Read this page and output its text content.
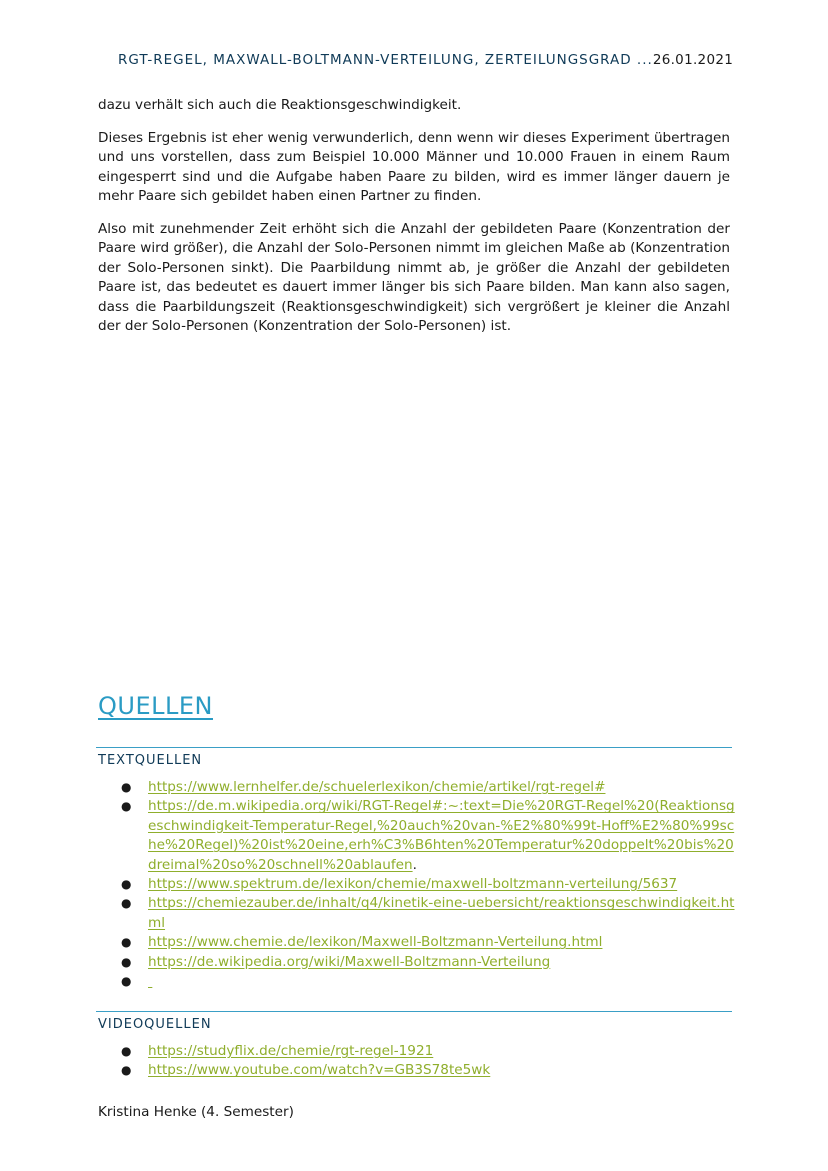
RGT-REGEL, MAXWALL-BOLTMANN-VERTEILUNG, ZERTEILUNGSGRAD ... 26.01.2021

dazu verhält sich auch die Reaktionsgeschwindigkeit.

Dieses Ergebnis ist eher wenig verwunderlich, denn wenn wir dieses Experiment übertragen und uns vorstellen, dass zum Beispiel 10.000 Männer und 10.000 Frauen in einem Raum eingesperrt sind und die Aufgabe haben Paare zu bilden, wird es immer länger dauern je mehr Paare sich gebildet haben einen Partner zu finden.

Also mit zunehmender Zeit erhöht sich die Anzahl der gebildeten Paare (Konzentration der Paare wird größer), die Anzahl der Solo-Personen nimmt im gleichen Maße ab (Konzentration der Solo-Personen sinkt). Die Paarbildung nimmt ab, je größer die Anzahl der gebildeten Paare ist, das bedeutet es dauert immer länger bis sich Paare bilden. Man kann also sagen, dass die Paarbildungszeit (Reaktionsgeschwindigkeit) sich vergrößert je kleiner die Anzahl der der Solo-Personen (Konzentration der Solo-Personen) ist.

QUELLEN
TEXTQUELLEN
● https://www.lernhelfer.de/schuelerlexikon/chemie/artikel/rgt-regel#
● https://de.m.wikipedia.org/wiki/RGT-Regel#:~:text=Die%20RGT-Regel%20(Reaktionsgeschwindigkeit-Temperatur-Regel,%20auch%20van-%E2%80%99t-Hoff%E2%80%99sche%20Regel)%20ist%20eine,erh%C3%B6hten%20Temperatur%20doppelt%20bis%20dreimal%20so%20schnell%20ablaufen.
● https://www.spektrum.de/lexikon/chemie/maxwell-boltzmann-verteilung/5637
● https://chemiezauber.de/inhalt/q4/kinetik-eine-uebersicht/reaktionsgeschwindigkeit.html
● https://www.chemie.de/lexikon/Maxwell-Boltzmann-Verteilung.html
● https://de.wikipedia.org/wiki/Maxwell-Boltzmann-Verteilung
●

VIDEOQUELLEN
● https://studyflix.de/chemie/rgt-regel-1921
● https://www.youtube.com/watch?v=GB3S78te5wk
Kristina Henke (4. Semester)
